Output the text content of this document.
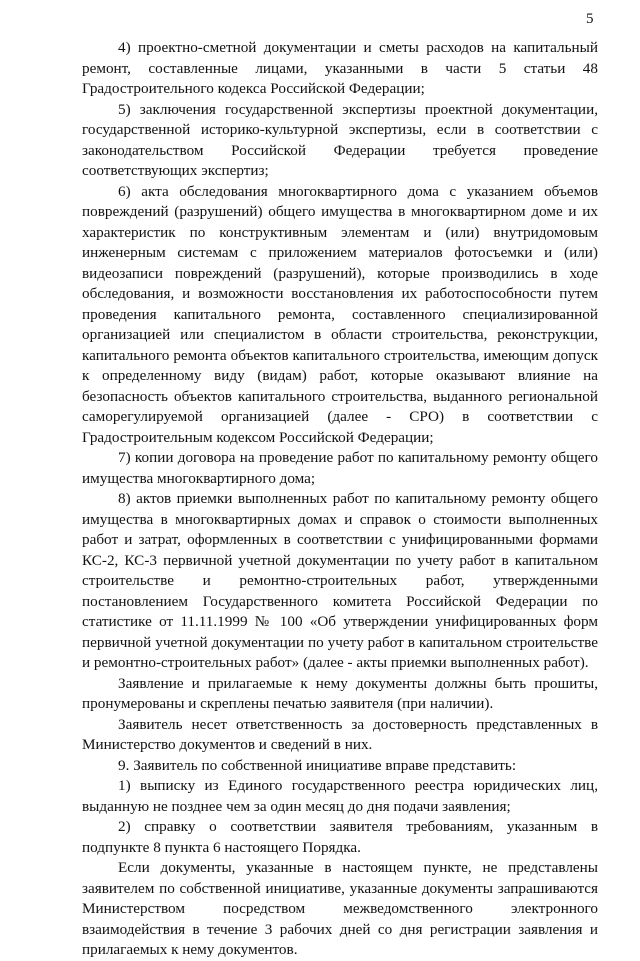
5

4) проектно-сметной документации и сметы расходов на капитальный ремонт, составленные лицами, указанными в части 5 статьи 48 Градостроительного кодекса Российской Федерации;

5) заключения государственной экспертизы проектной документации, государственной историко-культурной экспертизы, если в соответствии с законодательством Российской Федерации требуется проведение соответствующих экспертиз;

6) акта обследования многоквартирного дома с указанием объемов повреждений (разрушений) общего имущества в многоквартирном доме и их характеристик по конструктивным элементам и (или) внутридомовым инженерным системам с приложением материалов фотосъемки и (или) видеозаписи повреждений (разрушений), которые производились в ходе обследования, и возможности восстановления их работоспособности путем проведения капитального ремонта, составленного специализированной организацией или специалистом в области строительства, реконструкции, капитального ремонта объектов капитального строительства, имеющим допуск к определенному виду (видам) работ, которые оказывают влияние на безопасность объектов капитального строительства, выданного региональной саморегулируемой организацией (далее - СРО) в соответствии с Градостроительным кодексом Российской Федерации;

7) копии договора на проведение работ по капитальному ремонту общего имущества многоквартирного дома;

8) актов приемки выполненных работ по капитальному ремонту общего имущества в многоквартирных домах и справок о стоимости выполненных работ и затрат, оформленных в соответствии с унифицированными формами КС-2, КС-3 первичной учетной документации по учету работ в капитальном строительстве и ремонтно-строительных работ, утвержденными постановлением Государственного комитета Российской Федерации по статистике от 11.11.1999 № 100 «Об утверждении унифицированных форм первичной учетной документации по учету работ в капитальном строительстве и ремонтно-строительных работ» (далее - акты приемки выполненных работ).

Заявление и прилагаемые к нему документы должны быть прошиты, пронумерованы и скреплены печатью заявителя (при наличии).

Заявитель несет ответственность за достоверность представленных в Министерство документов и сведений в них.

9. Заявитель по собственной инициативе вправе представить:

1) выписку из Единого государственного реестра юридических лиц, выданную не позднее чем за один месяц до дня подачи заявления;

2) справку о соответствии заявителя требованиям, указанным в подпункте 8 пункта 6 настоящего Порядка.

Если документы, указанные в настоящем пункте, не представлены заявителем по собственной инициативе, указанные документы запрашиваются Министерством посредством межведомственного электронного взаимодействия в течение 3 рабочих дней со дня регистрации заявления и прилагаемых к нему документов.
